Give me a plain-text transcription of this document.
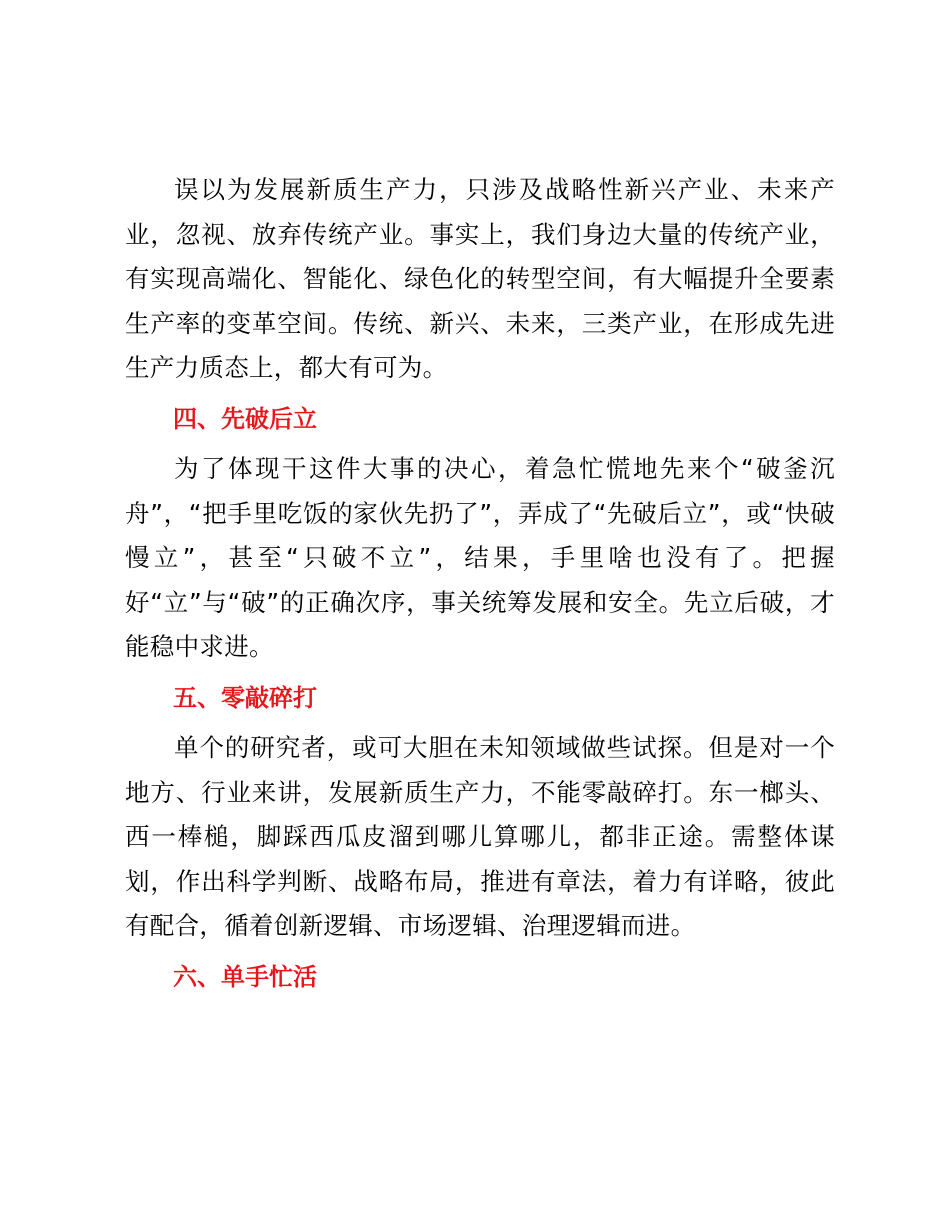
误以为发展新质生产力，只涉及战略性新兴产业、未来产业，忽视、放弃传统产业。事实上，我们身边大量的传统产业，有实现高端化、智能化、绿色化的转型空间，有大幅提升全要素生产率的变革空间。传统、新兴、未来，三类产业，在形成先进生产力质态上，都大有可为。

四、先破后立

为了体现干这件大事的决心，着急忙慌地先来个“破釜沉舟”，“把手里吃饭的家伙先扔了”，弄成了“先破后立”，或“快破慢立”，甚至“只破不立”，结果，手里啥也没有了。把握好“立”与“破”的正确次序，事关统筹发展和安全。先立后破，才能稳中求进。

五、零敲碎打

单个的研究者，或可大胆在未知领域做些试探。但是对一个地方、行业来讲，发展新质生产力，不能零敲碎打。东一榔头、西一棒槌，脚踩西瓜皮溜到哪儿算哪儿，都非正途。需整体谋划，作出科学判断、战略布局，推进有章法，着力有详略，彼此有配合，循着创新逻辑、市场逻辑、治理逻辑而进。

六、单手忙活
